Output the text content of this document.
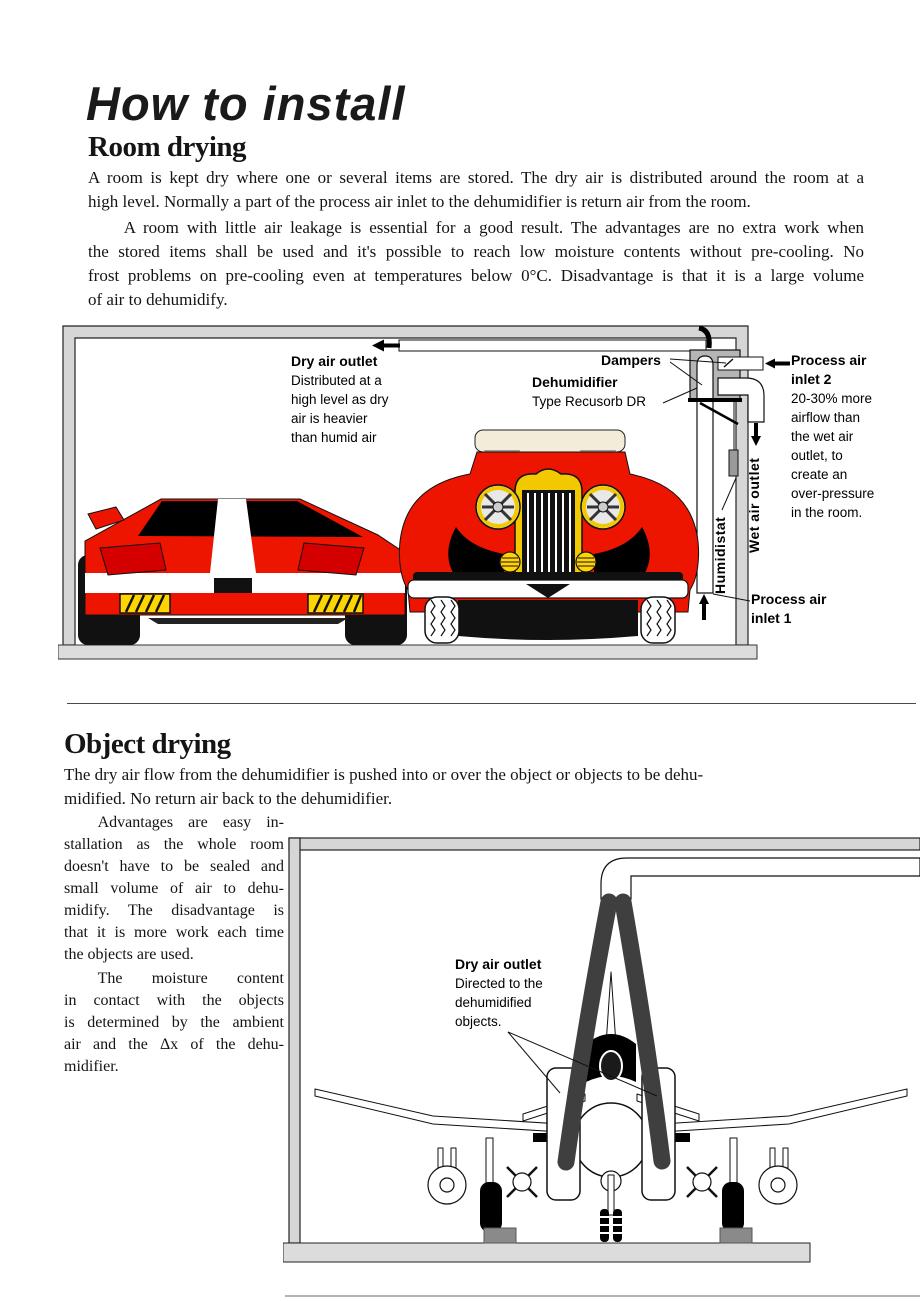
How to install
Room drying
A room is kept dry where one or several items are stored. The dry air is distributed around the room at a
high level. Normally a part of the process air inlet to the dehumidifier is return air from the room.
A room with little air leakage is essential for a good result. The advantages are no extra work when
the stored items shall be used and it's possible to reach low moisture contents without pre-cooling. No
frost problems on pre-cooling even at temperatures below 0°C. Disadvantage is that it is a large volume
of air to dehumidify.
Dry air outlet
Distributed at a
high level as dry
air is heavier
than humid air
Dampers
Dehumidifier
Type Recusorb DR
Process air
inlet 2
20-30% more
airflow than
the wet air
outlet, to
create an
over-pressure
in the room.
Humidistat
Wet air outlet
Process air
inlet 1
Object drying
The dry air flow from the dehumidifier is pushed into or over the object or objects to be dehu-
midified. No return air back to the dehumidifier.
Advantages are easy in-
stallation as the whole room
doesn't have to be sealed and
small volume of air to dehu-
midify. The disadvantage is
that it is more work each time
the objects are used.
The moisture content
in contact with the objects
is determined by the ambient
air and the Δx of the dehu-
midifier.
Dry air outlet
Directed to the
dehumidified
objects.
